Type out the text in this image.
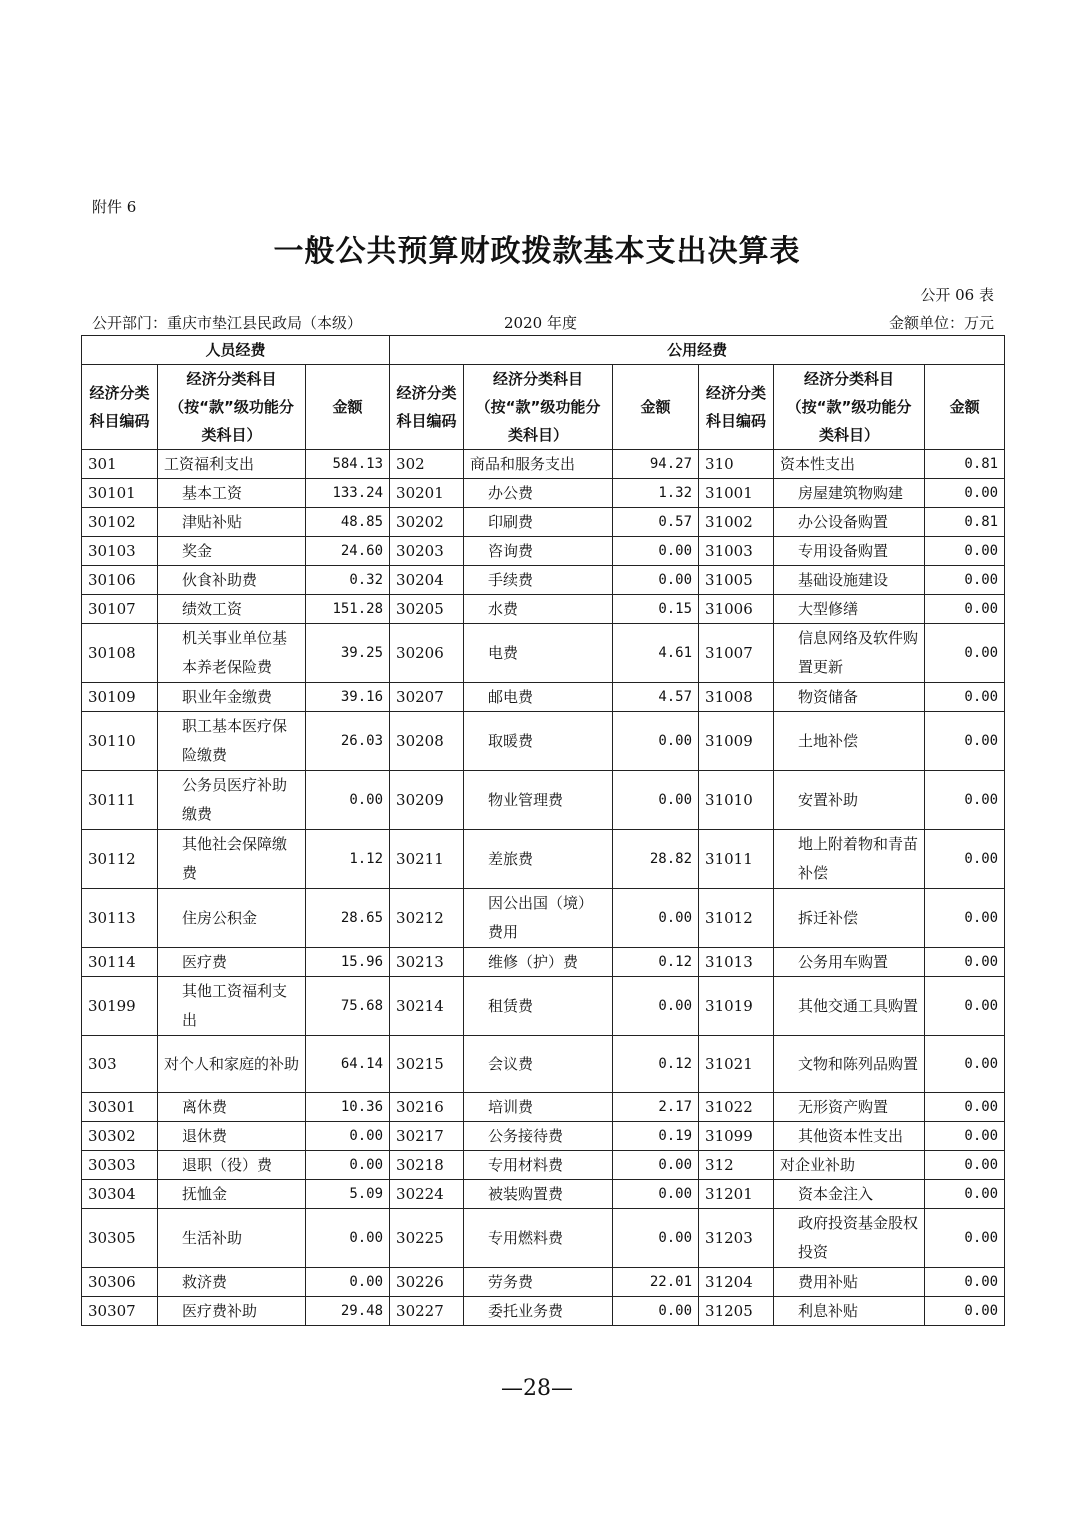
附件 6
一般公共预算财政拨款基本支出决算表
公开 06 表
公开部门：重庆市垫江县民政局（本级）	2020 年度	金额单位：万元
人员经费			公用经费					
经济分类科目编码	经济分类科目（按“款”级功能分类科目）	金额	经济分类科目编码	经济分类科目（按“款”级功能分类科目）	金额	经济分类科目编码	经济分类科目（按“款”级功能分类科目）	金额
301	工资福利支出	584.13	302	商品和服务支出	94.27	310	资本性支出	0.81
30101	基本工资	133.24	30201	办公费	1.32	31001	房屋建筑物购建	0.00
30102	津贴补贴	48.85	30202	印刷费	0.57	31002	办公设备购置	0.81
30103	奖金	24.60	30203	咨询费	0.00	31003	专用设备购置	0.00
30106	伙食补助费	0.32	30204	手续费	0.00	31005	基础设施建设	0.00
30107	绩效工资	151.28	30205	水费	0.15	31006	大型修缮	0.00
30108	机关事业单位基本养老保险费	39.25	30206	电费	4.61	31007	信息网络及软件购置更新	0.00
30109	职业年金缴费	39.16	30207	邮电费	4.57	31008	物资储备	0.00
30110	职工基本医疗保险缴费	26.03	30208	取暖费	0.00	31009	土地补偿	0.00
30111	公务员医疗补助缴费	0.00	30209	物业管理费	0.00	31010	安置补助	0.00
30112	其他社会保障缴费	1.12	30211	差旅费	28.82	31011	地上附着物和青苗补偿	0.00
30113	住房公积金	28.65	30212	因公出国（境）费用	0.00	31012	拆迁补偿	0.00
30114	医疗费	15.96	30213	维修（护）费	0.12	31013	公务用车购置	0.00
30199	其他工资福利支出	75.68	30214	租赁费	0.00	31019	其他交通工具购置	0.00
303	对个人和家庭的补助	64.14	30215	会议费	0.12	31021	文物和陈列品购置	0.00
30301	离休费	10.36	30216	培训费	2.17	31022	无形资产购置	0.00
30302	退休费	0.00	30217	公务接待费	0.19	31099	其他资本性支出	0.00
30303	退职（役）费	0.00	30218	专用材料费	0.00	312	对企业补助	0.00
30304	抚恤金	5.09	30224	被装购置费	0.00	31201	资本金注入	0.00
30305	生活补助	0.00	30225	专用燃料费	0.00	31203	政府投资基金股权投资	0.00
30306	救济费	0.00	30226	劳务费	22.01	31204	费用补贴	0.00
30307	医疗费补助	29.48	30227	委托业务费	0.00	31205	利息补贴	0.00
—28—
